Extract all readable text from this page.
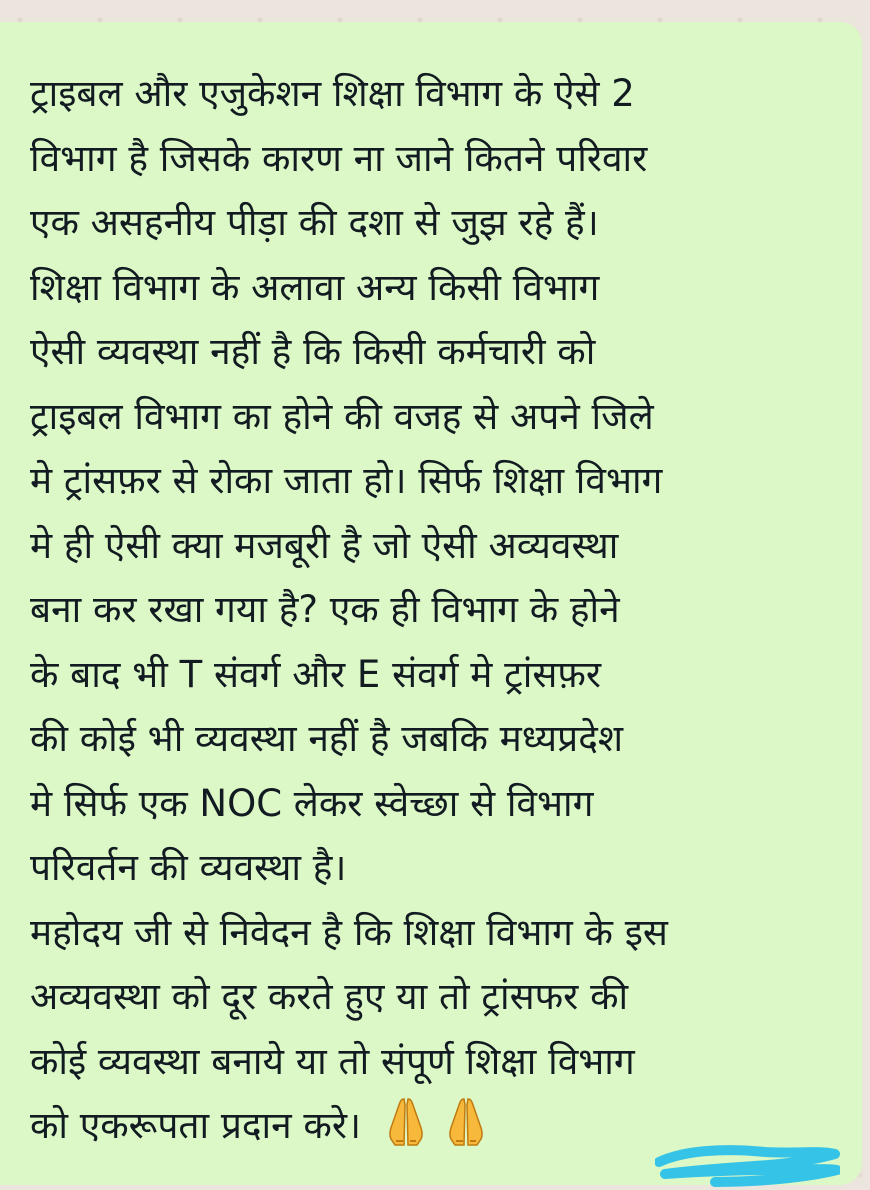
ट्राइबल और एजुकेशन शिक्षा विभाग के ऐसे 2
विभाग है जिसके कारण ना जाने कितने परिवार
एक असहनीय पीड़ा की दशा से जुझ रहे हैं।
शिक्षा विभाग के अलावा अन्य किसी विभाग
ऐसी व्यवस्था नहीं है कि किसी कर्मचारी को
ट्राइबल विभाग का होने की वजह से अपने जिले
मे ट्रांसफ़र से रोका जाता हो। सिर्फ शिक्षा विभाग
मे ही ऐसी क्या मजबूरी है जो ऐसी अव्यवस्था
बना कर रखा गया है? एक ही विभाग के होने
के बाद भी T संवर्ग और E संवर्ग मे ट्रांसफ़र
की कोई भी व्यवस्था नहीं है जबकि मध्यप्रदेश
मे सिर्फ एक NOC लेकर स्वेच्छा से विभाग
परिवर्तन की व्यवस्था है।
महोदय जी से निवेदन है कि शिक्षा विभाग के इस
अव्यवस्था को दूर करते हुए या तो ट्रांसफर की
कोई व्यवस्था बनाये या तो संपूर्ण शिक्षा विभाग
को एकरूपता प्रदान करे।
